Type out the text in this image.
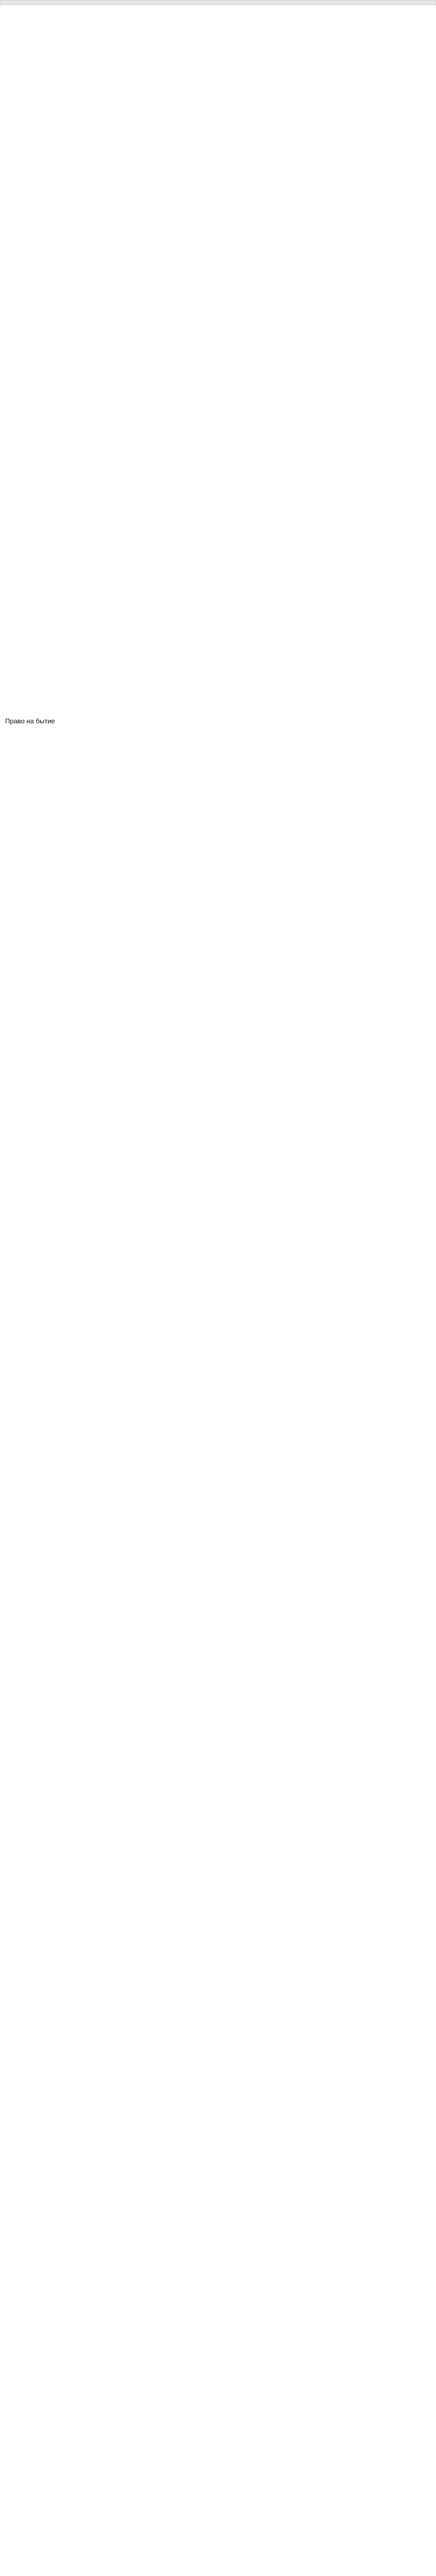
Право на бытие
